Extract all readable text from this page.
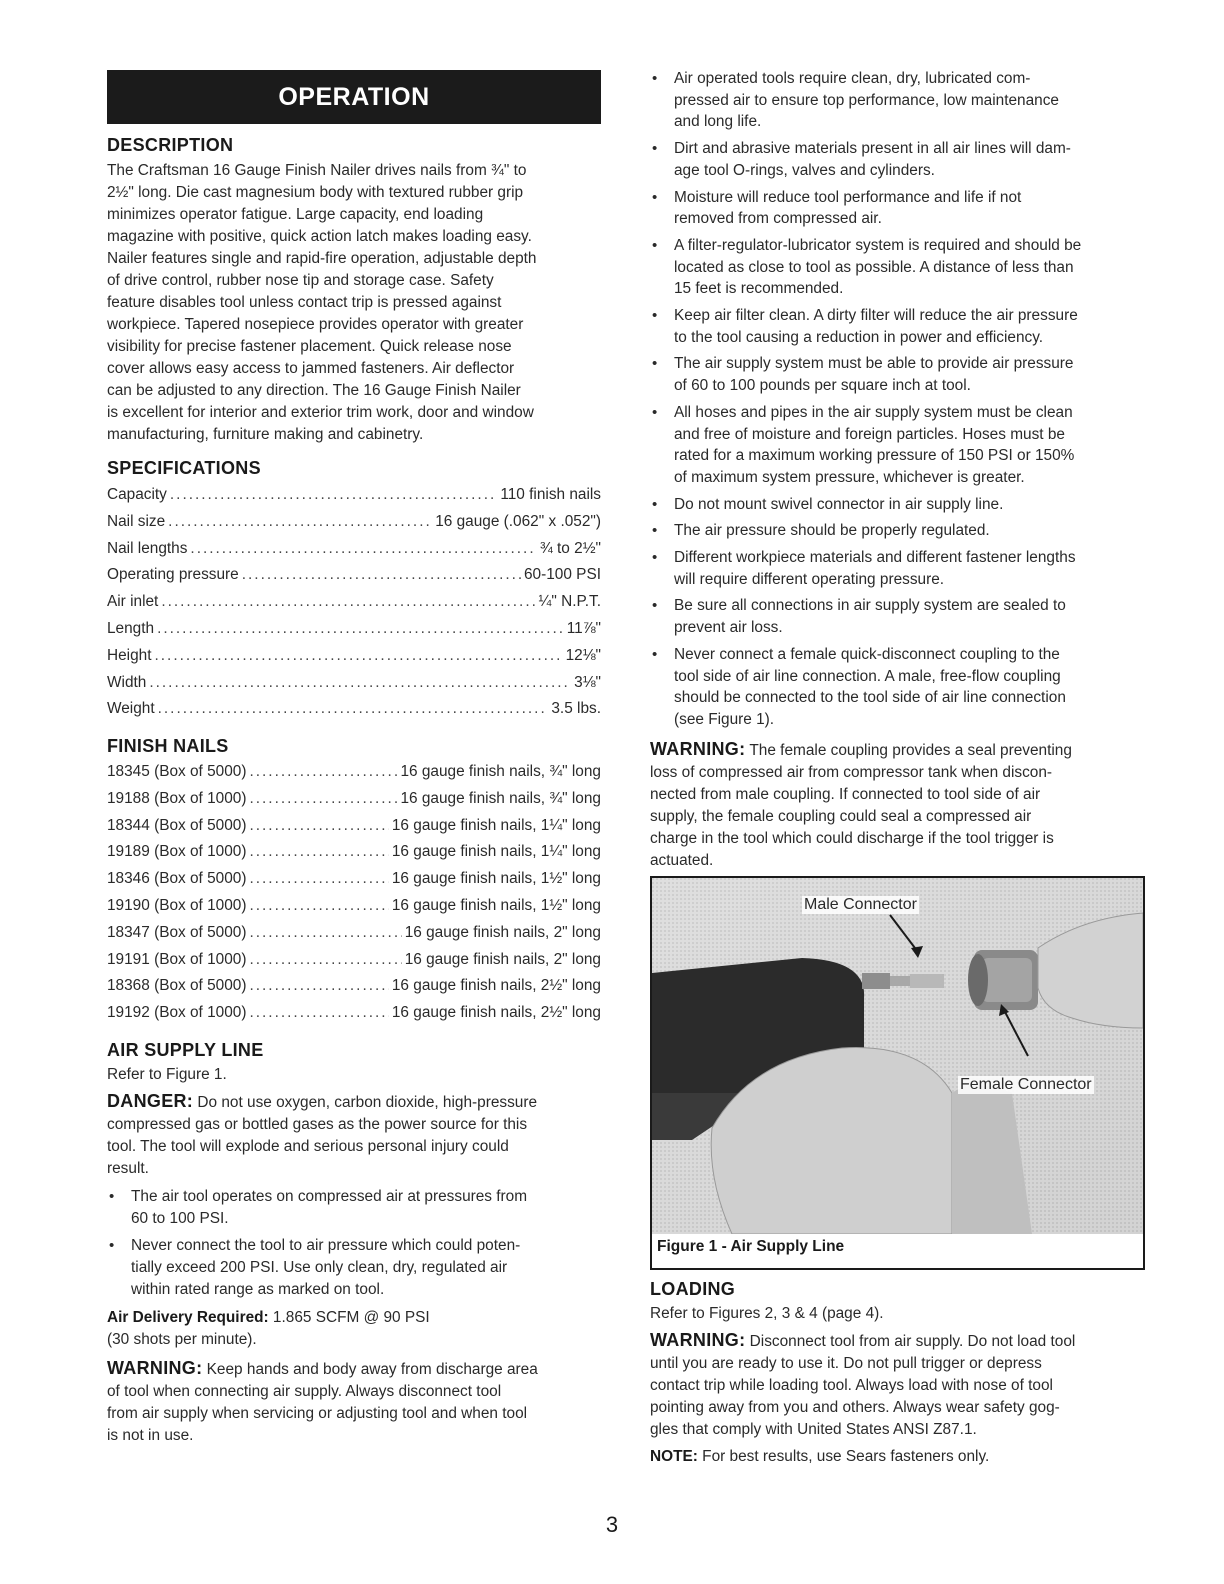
OPERATION
DESCRIPTION

The Craftsman 16 Gauge Finish Nailer drives nails from ¾" to

2½" long. Die cast magnesium body with textured rubber grip

minimizes operator fatigue. Large capacity, end loading

magazine with positive, quick action latch makes loading easy.

Nailer features single and rapid-fire operation, adjustable depth

of drive control, rubber nose tip and storage case. Safety

feature disables tool unless contact trip is pressed against

workpiece. Tapered nosepiece provides operator with greater

visibility for precise fastener placement. Quick release nose

cover allows easy access to jammed fasteners. Air deflector

can be adjusted to any direction. The 16 Gauge Finish Nailer

is excellent for interior and exterior trim work, door and window

manufacturing, furniture making and cabinetry.

SPECIFICATIONS
Capacity .....	110 finish nails
Nail size .....	16 gauge (.062" x .052")
Nail lengths .....	¾ to 2½"
Operating pressure .....	60-100 PSI
Air inlet .....	¼" N.P.T.
Length .....	11⅞"
Height .....	12⅛"
Width .....	3⅛"
Weight .....	3.5 lbs.
FINISH NAILS
18345 (Box of 5000) .....	16 gauge finish nails, ¾" long
19188 (Box of 1000) .....	16 gauge finish nails, ¾" long
18344 (Box of 5000) .....	16 gauge finish nails, 1¼" long
19189 (Box of 1000) .....	16 gauge finish nails, 1¼" long
18346 (Box of 5000) .....	16 gauge finish nails, 1½" long
19190 (Box of 1000) .....	16 gauge finish nails, 1½" long
18347 (Box of 5000) .....	16 gauge finish nails, 2" long
19191 (Box of 1000) .....	16 gauge finish nails, 2" long
18368 (Box of 5000) .....	16 gauge finish nails, 2½" long
19192 (Box of 1000) .....	16 gauge finish nails, 2½" long
AIR SUPPLY LINE

Refer to Figure 1.

DANGER: Do not use oxygen, carbon dioxide, high-pressure

compressed gas or bottled gases as the power source for this

tool. The tool will explode and serious personal injury could

result.

• The air tool operates on compressed air at pressures from
60 to 100 PSI.
• Never connect the tool to air pressure which could poten-
tially exceed 200 PSI. Use only clean, dry, regulated air
within rated range as marked on tool.

Air Delivery Required: 1.865 SCFM @ 90 PSI

(30 shots per minute).

WARNING: Keep hands and body away from discharge area

of tool when connecting air supply. Always disconnect tool

from air supply when servicing or adjusting tool and when tool

is not in use.

• Air operated tools require clean, dry, lubricated com-
pressed air to ensure top performance, low maintenance
and long life.
• Dirt and abrasive materials present in all air lines will dam-
age tool O-rings, valves and cylinders.
• Moisture will reduce tool performance and life if not
removed from compressed air.
• A filter-regulator-lubricator system is required and should be
located as close to tool as possible. A distance of less than
15 feet is recommended.
• Keep air filter clean. A dirty filter will reduce the air pressure
to the tool causing a reduction in power and efficiency.
• The air supply system must be able to provide air pressure
of 60 to 100 pounds per square inch at tool.
• All hoses and pipes in the air supply system must be clean
and free of moisture and foreign particles. Hoses must be
rated for a maximum working pressure of 150 PSI or 150%
of maximum system pressure, whichever is greater.
• Do not mount swivel connector in air supply line.
• The air pressure should be properly regulated.
• Different workpiece materials and different fastener lengths
will require different operating pressure.
• Be sure all connections in air supply system are sealed to
prevent air loss.
• Never connect a female quick-disconnect coupling to the
tool side of air line connection. A male, free-flow coupling
should be connected to the tool side of air line connection
(see Figure 1).

WARNING: The female coupling provides a seal preventing

loss of compressed air from compressor tank when discon-

nected from male coupling. If connected to tool side of air

supply, the female coupling could seal a compressed air

charge in the tool which could discharge if the tool trigger is

actuated.

Male Connector
Female Connector
Figure 1 - Air Supply Line
LOADING

Refer to Figures 2, 3 & 4 (page 4).

WARNING: Disconnect tool from air supply. Do not load tool

until you are ready to use it. Do not pull trigger or depress

contact trip while loading tool. Always load with nose of tool

pointing away from you and others. Always wear safety gog-

gles that comply with United States ANSI Z87.1.

NOTE: For best results, use Sears fasteners only.

3
